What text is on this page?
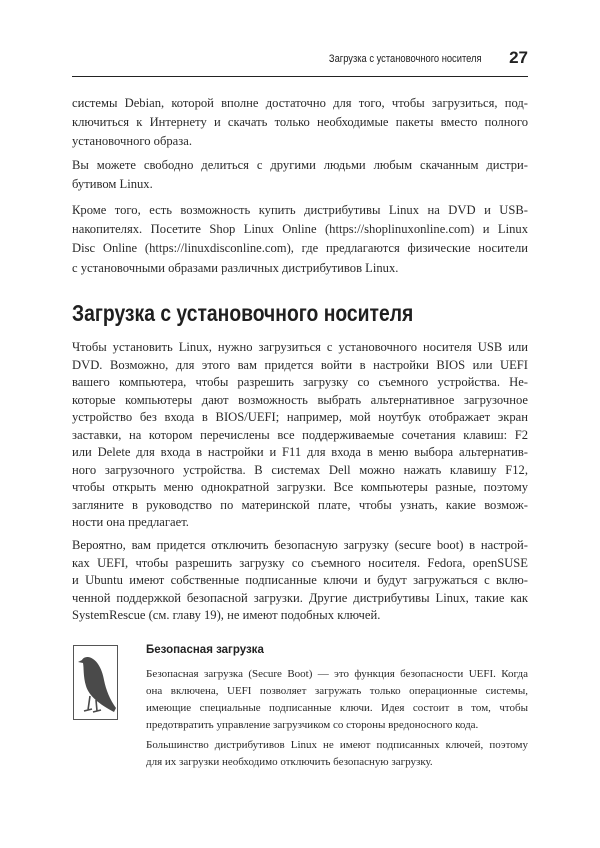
Загрузка с установочного носителя 27
системы Debian, которой вполне достаточно для того, чтобы загрузиться, под-
ключиться к Интернету и скачать только необходимые пакеты вместо полного
установочного образа.
Вы можете свободно делиться с другими людьми любым скачанным дистри-
бутивом Linux.
Кроме того, есть возможность купить дистрибутивы Linux на DVD и USB-
накопителях. Посетите Shop Linux Online (https://shoplinuxonline.com) и Linux
Disc Online (https://linuxdisconline.com), где предлагаются физические носители
с установочными образами различных дистрибутивов Linux.
Загрузка с установочного носителя
Чтобы установить Linux, нужно загрузиться с установочного носителя USB или
DVD. Возможно, для этого вам придется войти в настройки BIOS или UEFI
вашего компьютера, чтобы разрешить загрузку со съемного устройства. Не-
которые компьютеры дают возможность выбрать альтернативное загрузочное
устройство без входа в BIOS/UEFI; например, мой ноутбук отображает экран
заставки, на котором перечислены все поддерживаемые сочетания клавиш: F2
или Delete для входа в настройки и F11 для входа в меню выбора альтернатив-
ного загрузочного устройства. В системах Dell можно нажать клавишу F12,
чтобы открыть меню однократной загрузки. Все компьютеры разные, поэтому
загляните в руководство по материнской плате, чтобы узнать, какие возмож-
ности она предлагает.
Вероятно, вам придется отключить безопасную загрузку (secure boot) в настрой-
ках UEFI, чтобы разрешить загрузку со съемного носителя. Fedora, openSUSE
и Ubuntu имеют собственные подписанные ключи и будут загружаться с вклю-
ченной поддержкой безопасной загрузки. Другие дистрибутивы Linux, такие как
SystemRescue (см. главу 19), не имеют подобных ключей.
Безопасная загрузка
Безопасная загрузка (Secure Boot) — это функция безопасности UEFI. Когда
она включена, UEFI позволяет загружать только операционные системы,
имеющие специальные подписанные ключи. Идея состоит в том, чтобы
предотвратить управление загрузчиком со стороны вредоносного кода.
Большинство дистрибутивов Linux не имеют подписанных ключей, поэтому
для их загрузки необходимо отключить безопасную загрузку.
